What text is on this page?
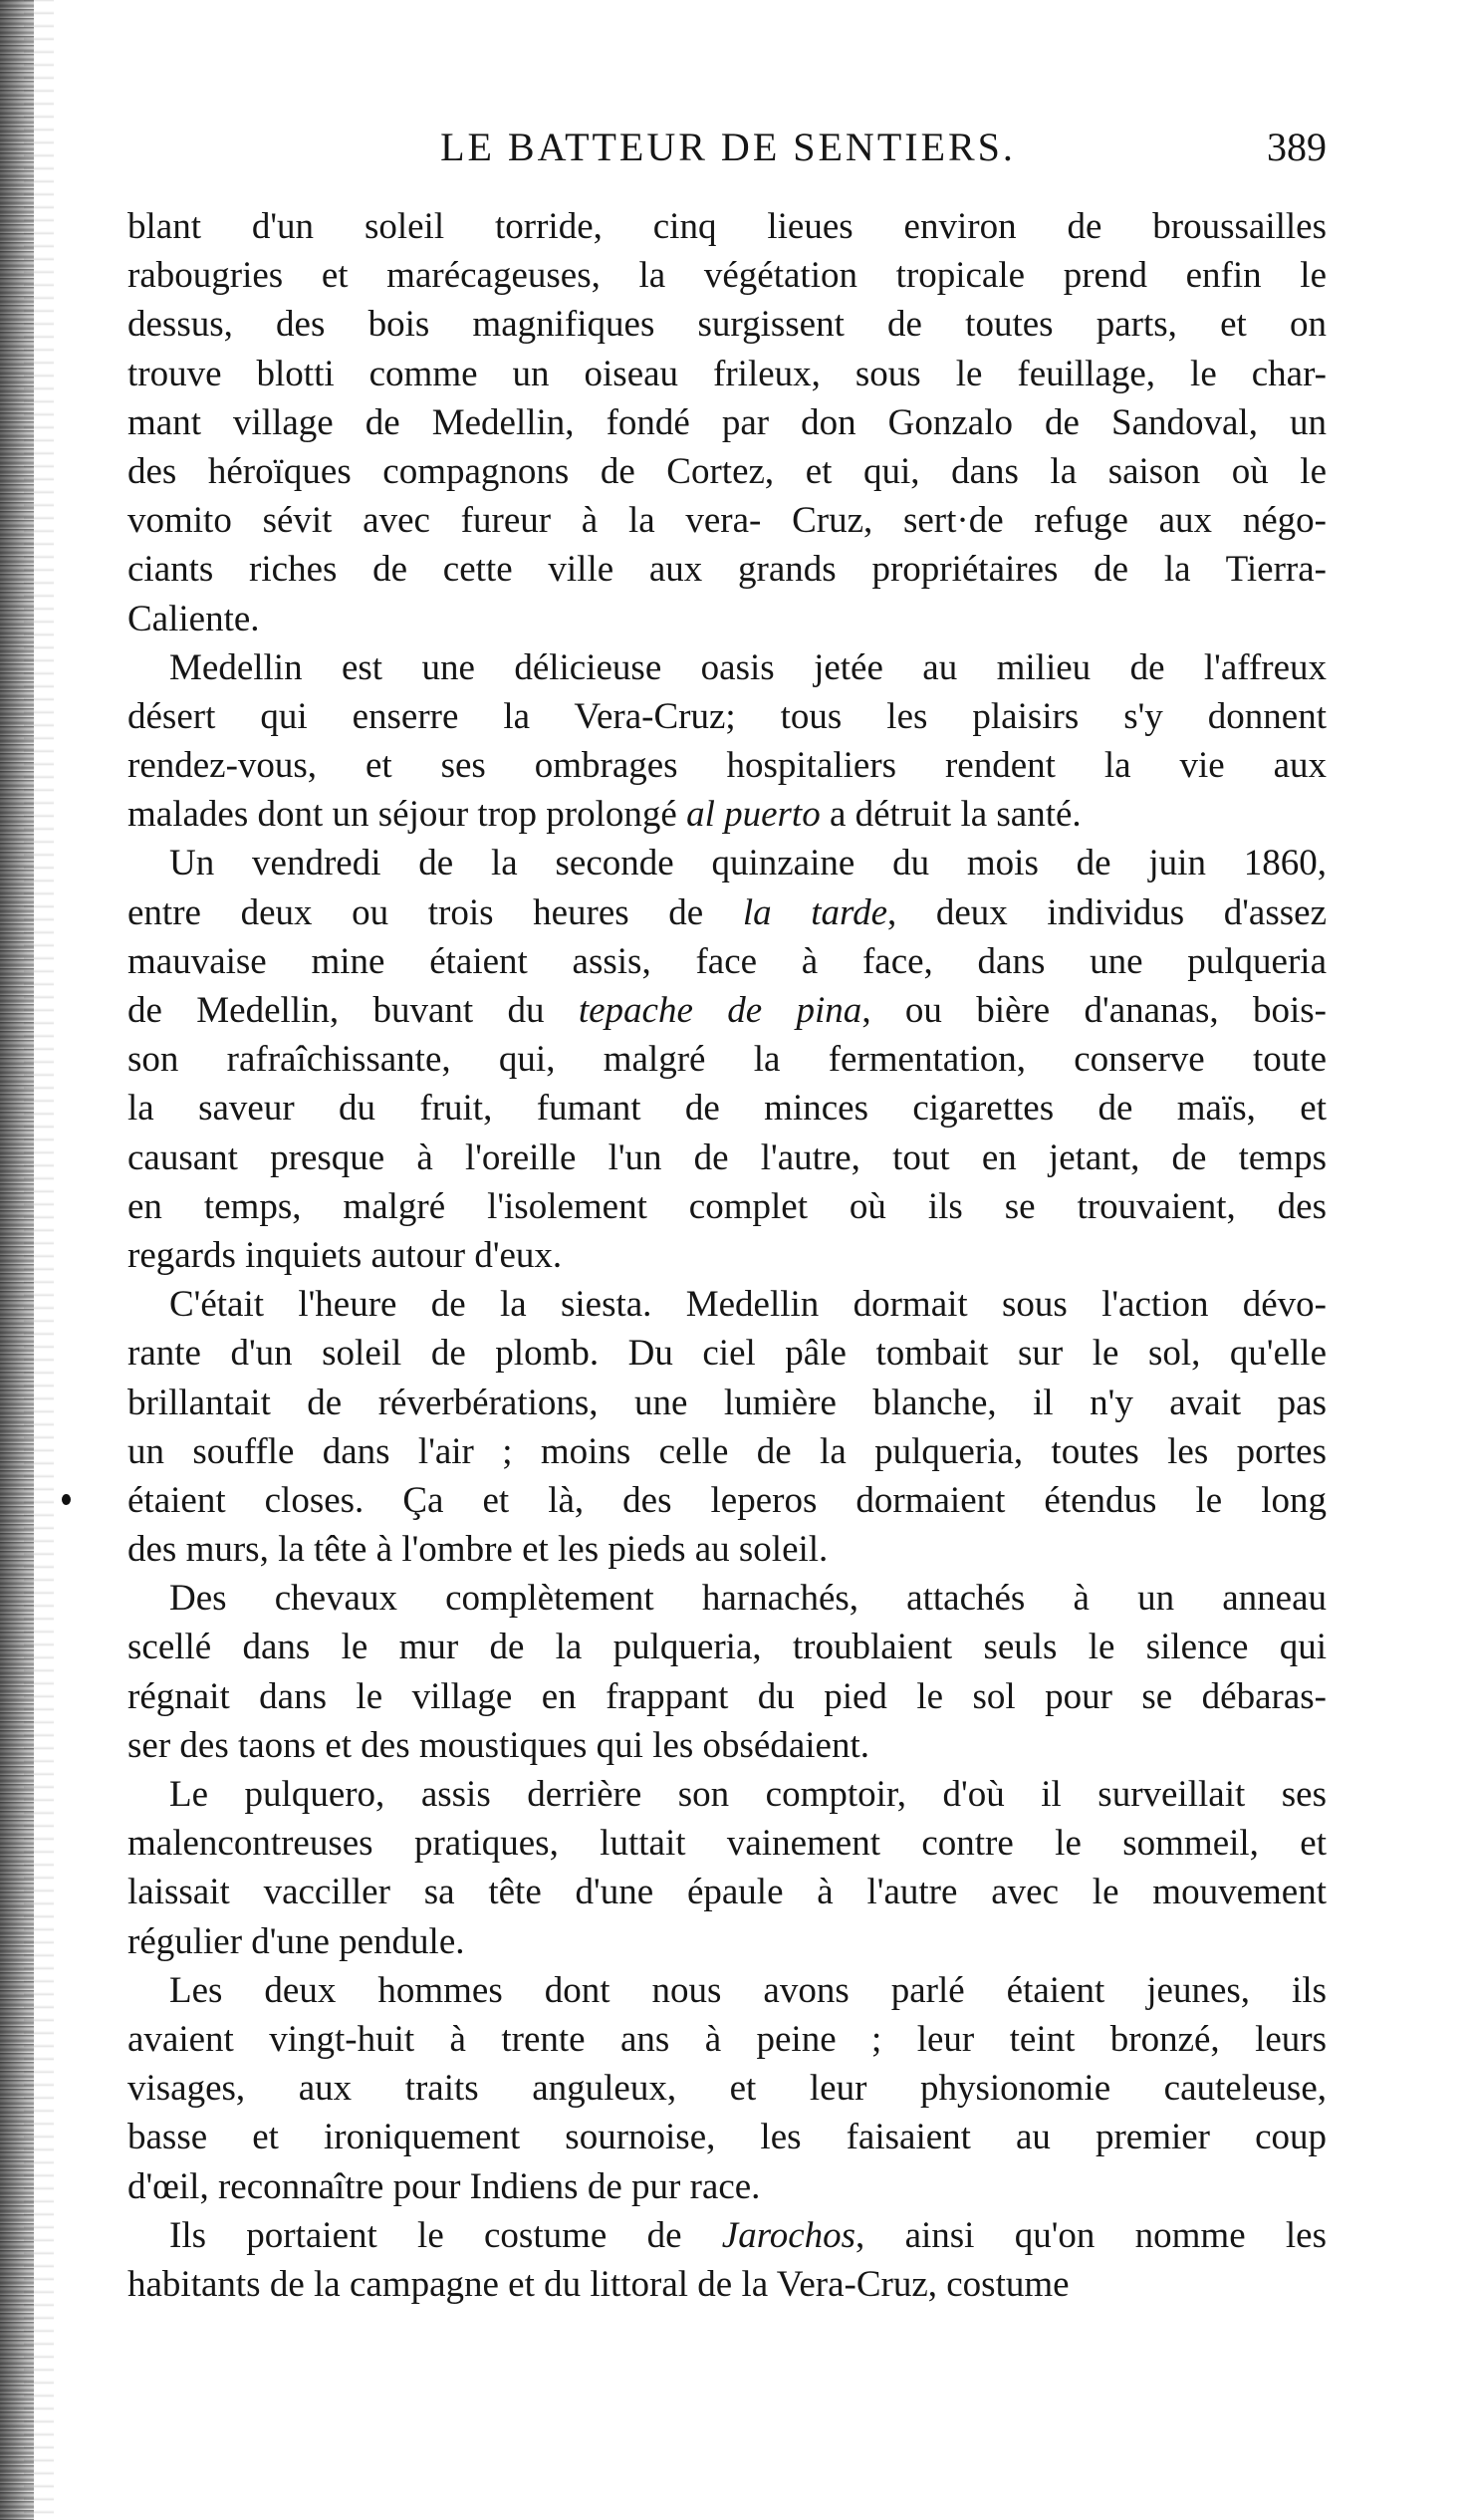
LE BATTEUR DE SENTIERS.	389

blant d'un soleil torride, cinq lieues environ de broussailles
rabougries et marécageuses, la végétation tropicale prend enfin le
dessus, des bois magnifiques surgissent de toutes parts, et on
trouve blotti comme un oiseau frileux, sous le feuillage, le char-
mant village de Medellin, fondé par don Gonzalo de Sandoval, un
des héroïques compagnons de Cortez, et qui, dans la saison où le
vomito sévit avec fureur à la vera- Cruz, sert·de refuge aux négo-
ciants riches de cette ville aux grands propriétaires de la Tierra-
Caliente.

Medellin est une délicieuse oasis jetée au milieu de l'affreux
désert qui enserre la Vera-Cruz; tous les plaisirs s'y donnent
rendez-vous, et ses ombrages hospitaliers rendent la vie aux
malades dont un séjour trop prolongé al puerto a détruit la santé.

Un vendredi de la seconde quinzaine du mois de juin 1860,
entre deux ou trois heures de la tarde, deux individus d'assez
mauvaise mine étaient assis, face à face, dans une pulqueria
de Medellin, buvant du tepache de pina, ou bière d'ananas, bois-
son rafraîchissante, qui, malgré la fermentation, conserve toute
la saveur du fruit, fumant de minces cigarettes de maïs, et
causant presque à l'oreille l'un de l'autre, tout en jetant, de temps
en temps, malgré l'isolement complet où ils se trouvaient, des
regards inquiets autour d'eux.

C'était l'heure de la siesta. Medellin dormait sous l'action dévo-
rante d'un soleil de plomb. Du ciel pâle tombait sur le sol, qu'elle
brillantait de réverbérations, une lumière blanche, il n'y avait pas
un souffle dans l'air ; moins celle de la pulqueria, toutes les portes
étaient closes. Ça et là, des leperos dormaient étendus le long
des murs, la tête à l'ombre et les pieds au soleil.

Des chevaux complètement harnachés, attachés à un anneau
scellé dans le mur de la pulqueria, troublaient seuls le silence qui
régnait dans le village en frappant du pied le sol pour se débaras-
ser des taons et des moustiques qui les obsédaient.

Le pulquero, assis derrière son comptoir, d'où il surveillait ses
malencontreuses pratiques, luttait vainement contre le sommeil, et
laissait vacciller sa tête d'une épaule à l'autre avec le mouvement
régulier d'une pendule.

Les deux hommes dont nous avons parlé étaient jeunes, ils
avaient vingt-huit à trente ans à peine ; leur teint bronzé, leurs
visages, aux traits anguleux, et leur physionomie cauteleuse,
basse et ironiquement sournoise, les faisaient au premier coup
d'œil, reconnaître pour Indiens de pur race.

Ils portaient le costume de Jarochos, ainsi qu'on nomme les
habitants de la campagne et du littoral de la Vera-Cruz, costume
